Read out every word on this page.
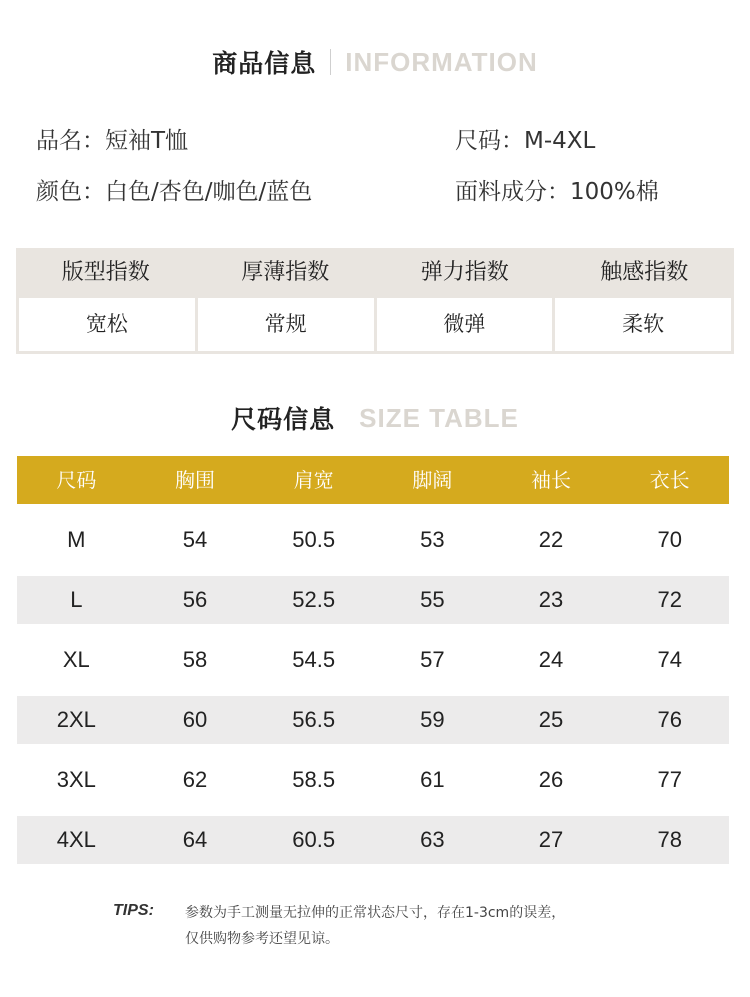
商品信息 INFORMATION
品名：短袖T恤	尺码：M-4XL
颜色：白色/杏色/咖色/蓝色	面料成分：100%棉
版型指数	厚薄指数	弹力指数	触感指数
宽松	常规	微弹	柔软
尺码信息 SIZE TABLE
尺码	胸围	肩宽	脚阔	袖长	衣长
M	54	50.5	53	22	70
L	56	52.5	55	23	72
XL	58	54.5	57	24	74
2XL	60	56.5	59	25	76
3XL	62	58.5	61	26	77
4XL	64	60.5	63	27	78
TIPS: 参数为手工测量无拉伸的正常状态尺寸，存在1-3cm的误差，
仅供购物参考还望见谅。
